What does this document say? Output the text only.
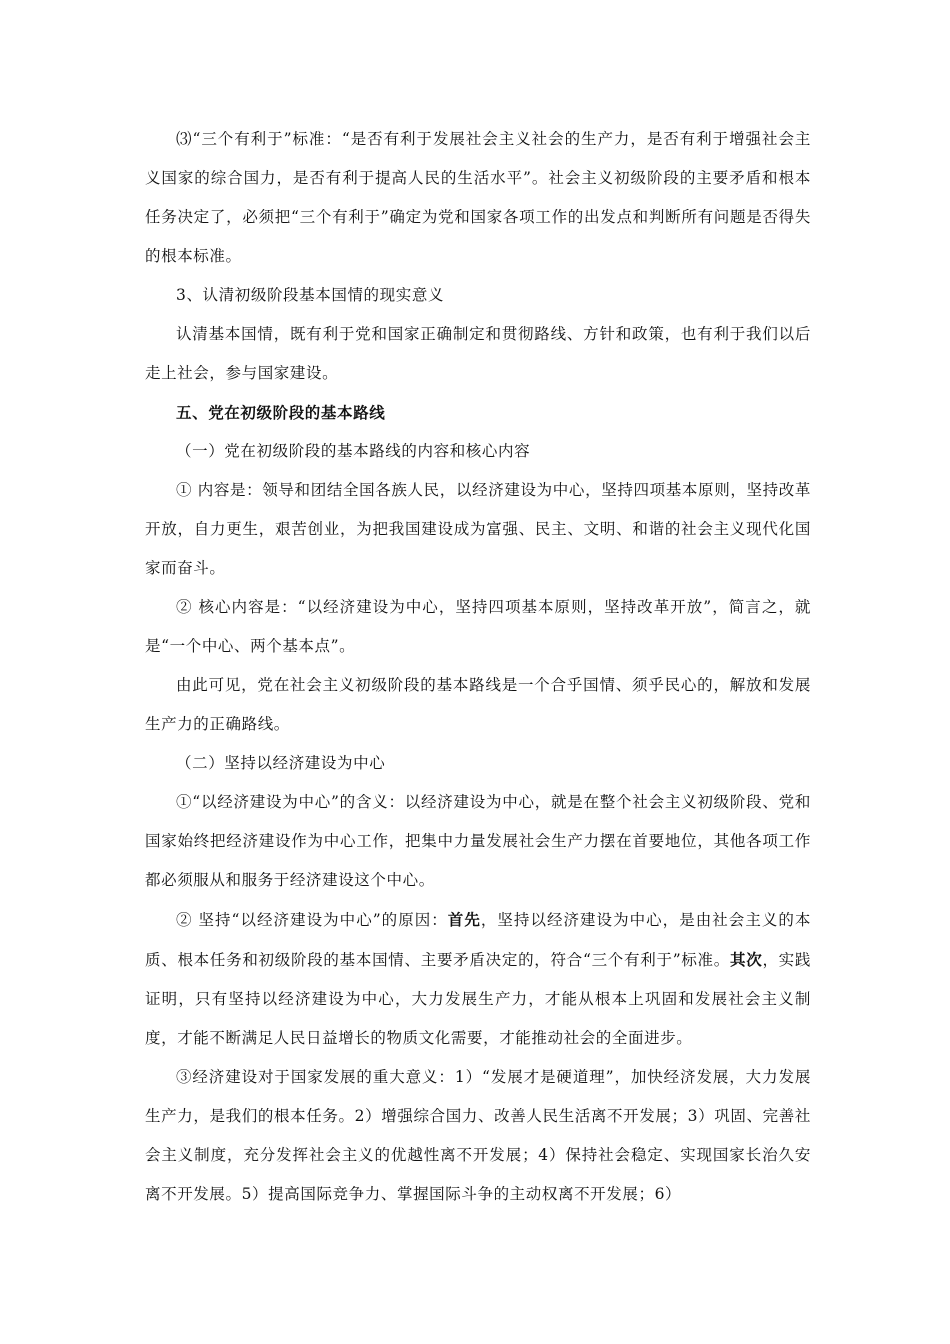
⑶“三个有利于”标准：“是否有利于发展社会主义社会的生产力，是否有利于增强社会主义国家的综合国力，是否有利于提高人民的生活水平”。社会主义初级阶段的主要矛盾和根本任务决定了，必须把“三个有利于”确定为党和国家各项工作的出发点和判断所有问题是否得失的根本标准。

3、认清初级阶段基本国情的现实意义

认清基本国情，既有利于党和国家正确制定和贯彻路线、方针和政策，也有利于我们以后走上社会，参与国家建设。

五、党在初级阶段的基本路线

（一）党在初级阶段的基本路线的内容和核心内容

① 内容是：领导和团结全国各族人民，以经济建设为中心，坚持四项基本原则，坚持改革开放，自力更生，艰苦创业，为把我国建设成为富强、民主、文明、和谐的社会主义现代化国家而奋斗。

② 核心内容是：“以经济建设为中心，坚持四项基本原则，坚持改革开放”，简言之，就是“一个中心、两个基本点”。

由此可见，党在社会主义初级阶段的基本路线是一个合乎国情、须乎民心的，解放和发展生产力的正确路线。

（二）坚持以经济建设为中心

①“以经济建设为中心”的含义：以经济建设为中心，就是在整个社会主义初级阶段、党和国家始终把经济建设作为中心工作，把集中力量发展社会生产力摆在首要地位，其他各项工作都必须服从和服务于经济建设这个中心。

② 坚持“以经济建设为中心”的原因：首先，坚持以经济建设为中心，是由社会主义的本质、根本任务和初级阶段的基本国情、主要矛盾决定的，符合“三个有利于”标准。其次，实践证明，只有坚持以经济建设为中心，大力发展生产力，才能从根本上巩固和发展社会主义制度，才能不断满足人民日益增长的物质文化需要，才能推动社会的全面进步。

③经济建设对于国家发展的重大意义：1）“发展才是硬道理”，加快经济发展，大力发展生产力，是我们的根本任务。2）增强综合国力、改善人民生活离不开发展；3）巩固、完善社会主义制度，充分发挥社会主义的优越性离不开发展；4）保持社会稳定、实现国家长治久安离不开发展。5）提高国际竞争力、掌握国际斗争的主动权离不开发展；6）
